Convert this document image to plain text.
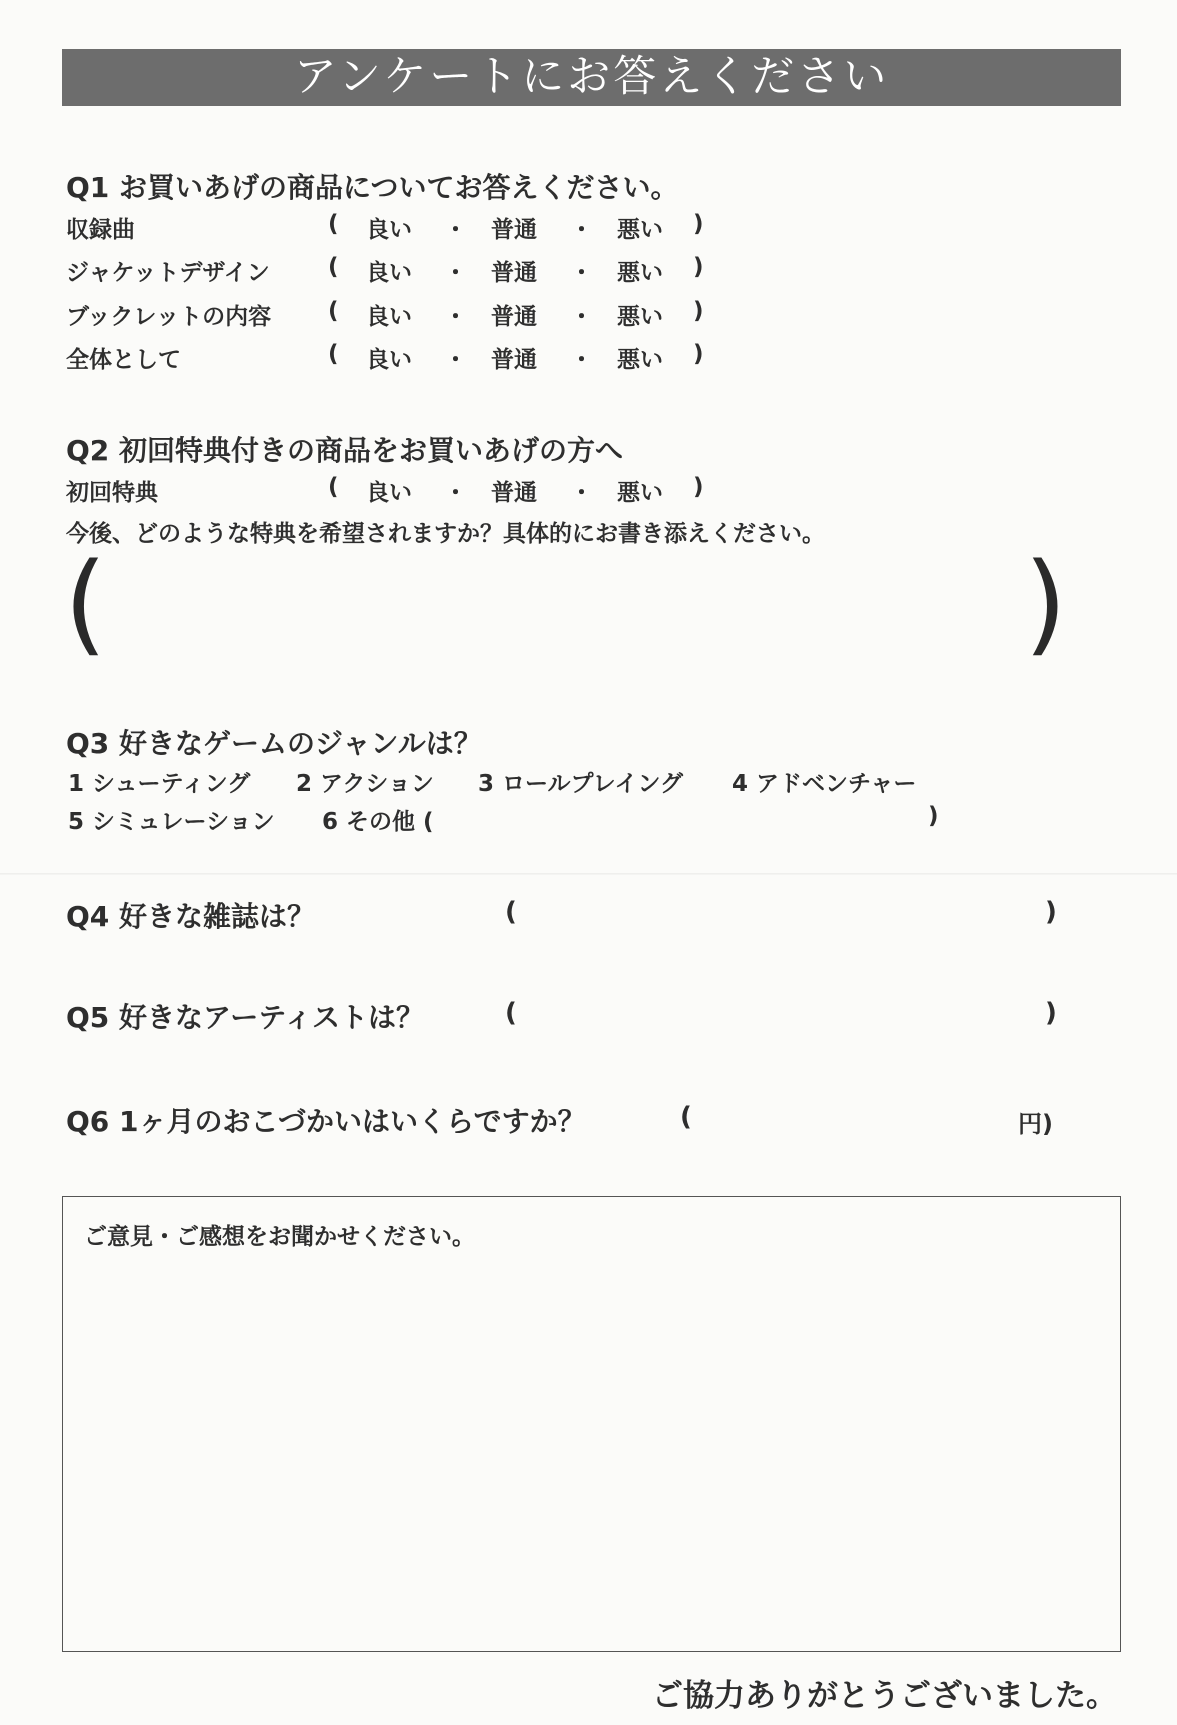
アンケートにお答えください
Q1 お買いあげの商品についてお答えください。
収録曲	( 良い ・ 普通 ・ 悪い )
ジャケットデザイン	( 良い ・ 普通 ・ 悪い )
ブックレットの内容 ( 良い ・ 普通 ・ 悪い )
全体として	( 良い ・ 普通 ・ 悪い )
Q2 初回特典付きの商品をお買いあげの方へ
初回特典	( 良い ・ 普通 ・ 悪い )
今後、どのような特典を希望されますか？具体的にお書き添えください。
(	)
Q3 好きなゲームのジャンルは？
1 シューティング 2 アクション 3 ロールプレイング 4 アドベンチャー
5 シミュレーション 6 その他 (	)
Q4 好きな雑誌は？	(	)
Q5 好きなアーティストは？	(	)
Q6 1ヶ月のおこづかいはいくらですか？	(	円)
ご意見・ご感想をお聞かせください。
ご協力ありがとうございました。
